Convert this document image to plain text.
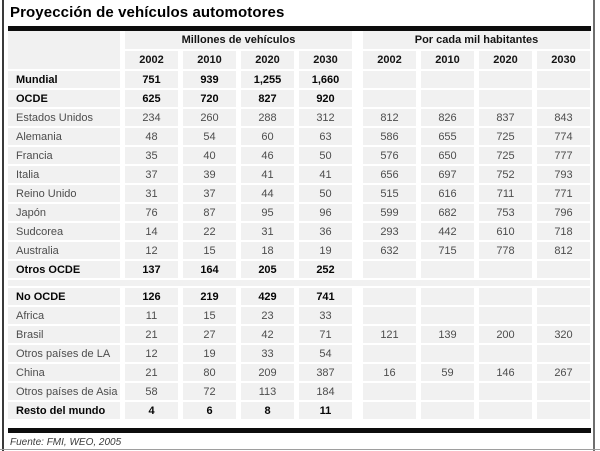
Proyección de vehículos automotores
	Millones de vehículos					Por cada mil habitantes			
	2002	2010	2020	2030		2002	2010	2020	2030
Mundial	751	939	1,255	1,660					
OCDE	625	720	827	920					
Estados Unidos	234	260	288	312		812	826	837	843
Alemania	48	54	60	63		586	655	725	774
Francia	35	40	46	50		576	650	725	777
Italia	37	39	41	41		656	697	752	793
Reino Unido	31	37	44	50		515	616	711	771
Japón	76	87	95	96		599	682	753	796
Sudcorea	14	22	31	36		293	442	610	718
Australia	12	15	18	19		632	715	778	812
Otros OCDE	137	164	205	252					

No OCDE	126	219	429	741					
Africa	11	15	23	33					
Brasil	21	27	42	71		121	139	200	320
Otros países de LA	12	19	33	54					
China	21	80	209	387		16	59	146	267
Otros países de Asia	58	72	113	184					
Resto del mundo	4	6	8	11					
Fuente: FMI, WEO, 2005
